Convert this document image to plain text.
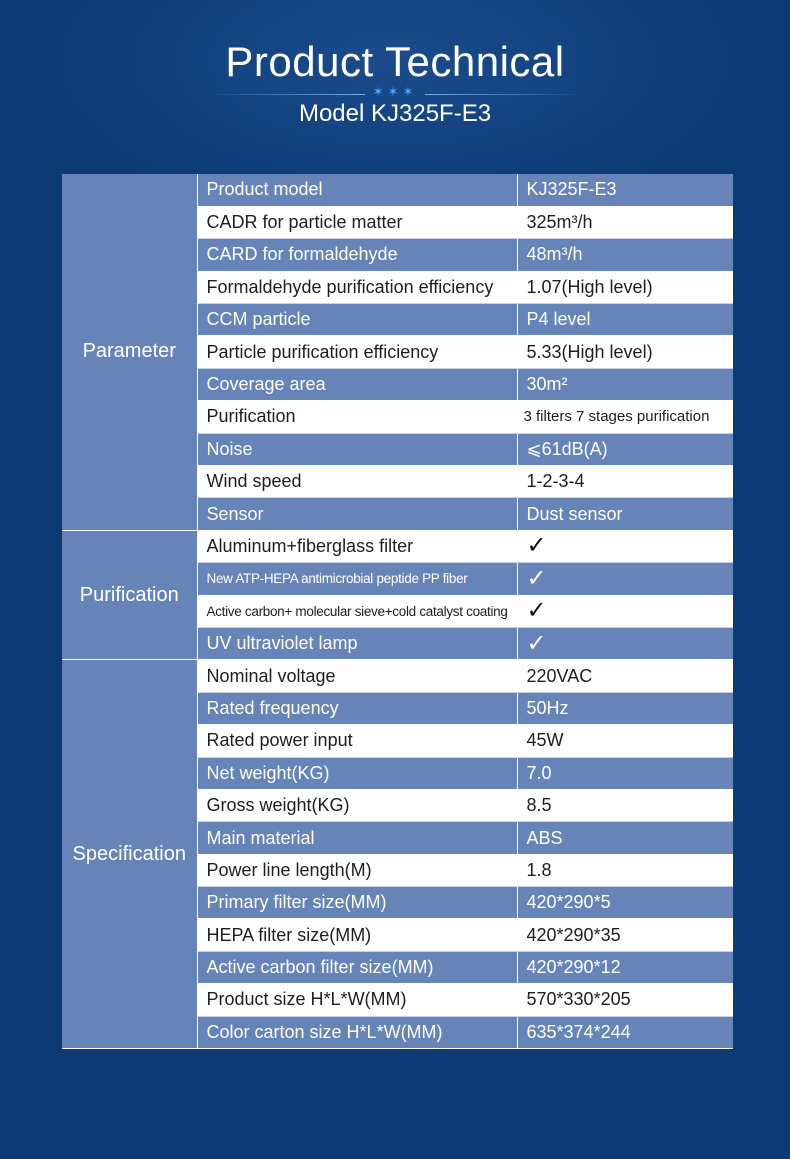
Product Technical
✶✶✶
Model KJ325F-E3
Parameter	Product model	KJ325F-E3
	CADR for particle matter	325m³/h
	CARD for formaldehyde	48m³/h
	Formaldehyde purification efficiency	1.07(High level)
	CCM particle	P4 level
	Particle purification efficiency	5.33(High level)
	Coverage area	30m²
	Purification	3 filters 7 stages purification
	Noise	⩽61dB(A)
	Wind speed	1-2-3-4
	Sensor	Dust sensor
Purification	Aluminum+fiberglass filter	✓
	New ATP-HEPA antimicrobial peptide PP fiber	✓
	Active carbon+ molecular sieve+cold catalyst coating	✓
	UV ultraviolet lamp	✓
Specification	Nominal voltage	220VAC
	Rated frequency	50Hz
	Rated power input	45W
	Net weight(KG)	7.0
	Gross weight(KG)	8.5
	Main material	ABS
	Power line length(M)	1.8
	Primary filter size(MM)	420*290*5
	HEPA filter size(MM)	420*290*35
	Active carbon filter size(MM)	420*290*12
	Product size H*L*W(MM)	570*330*205
	Color carton size H*L*W(MM)	635*374*244
